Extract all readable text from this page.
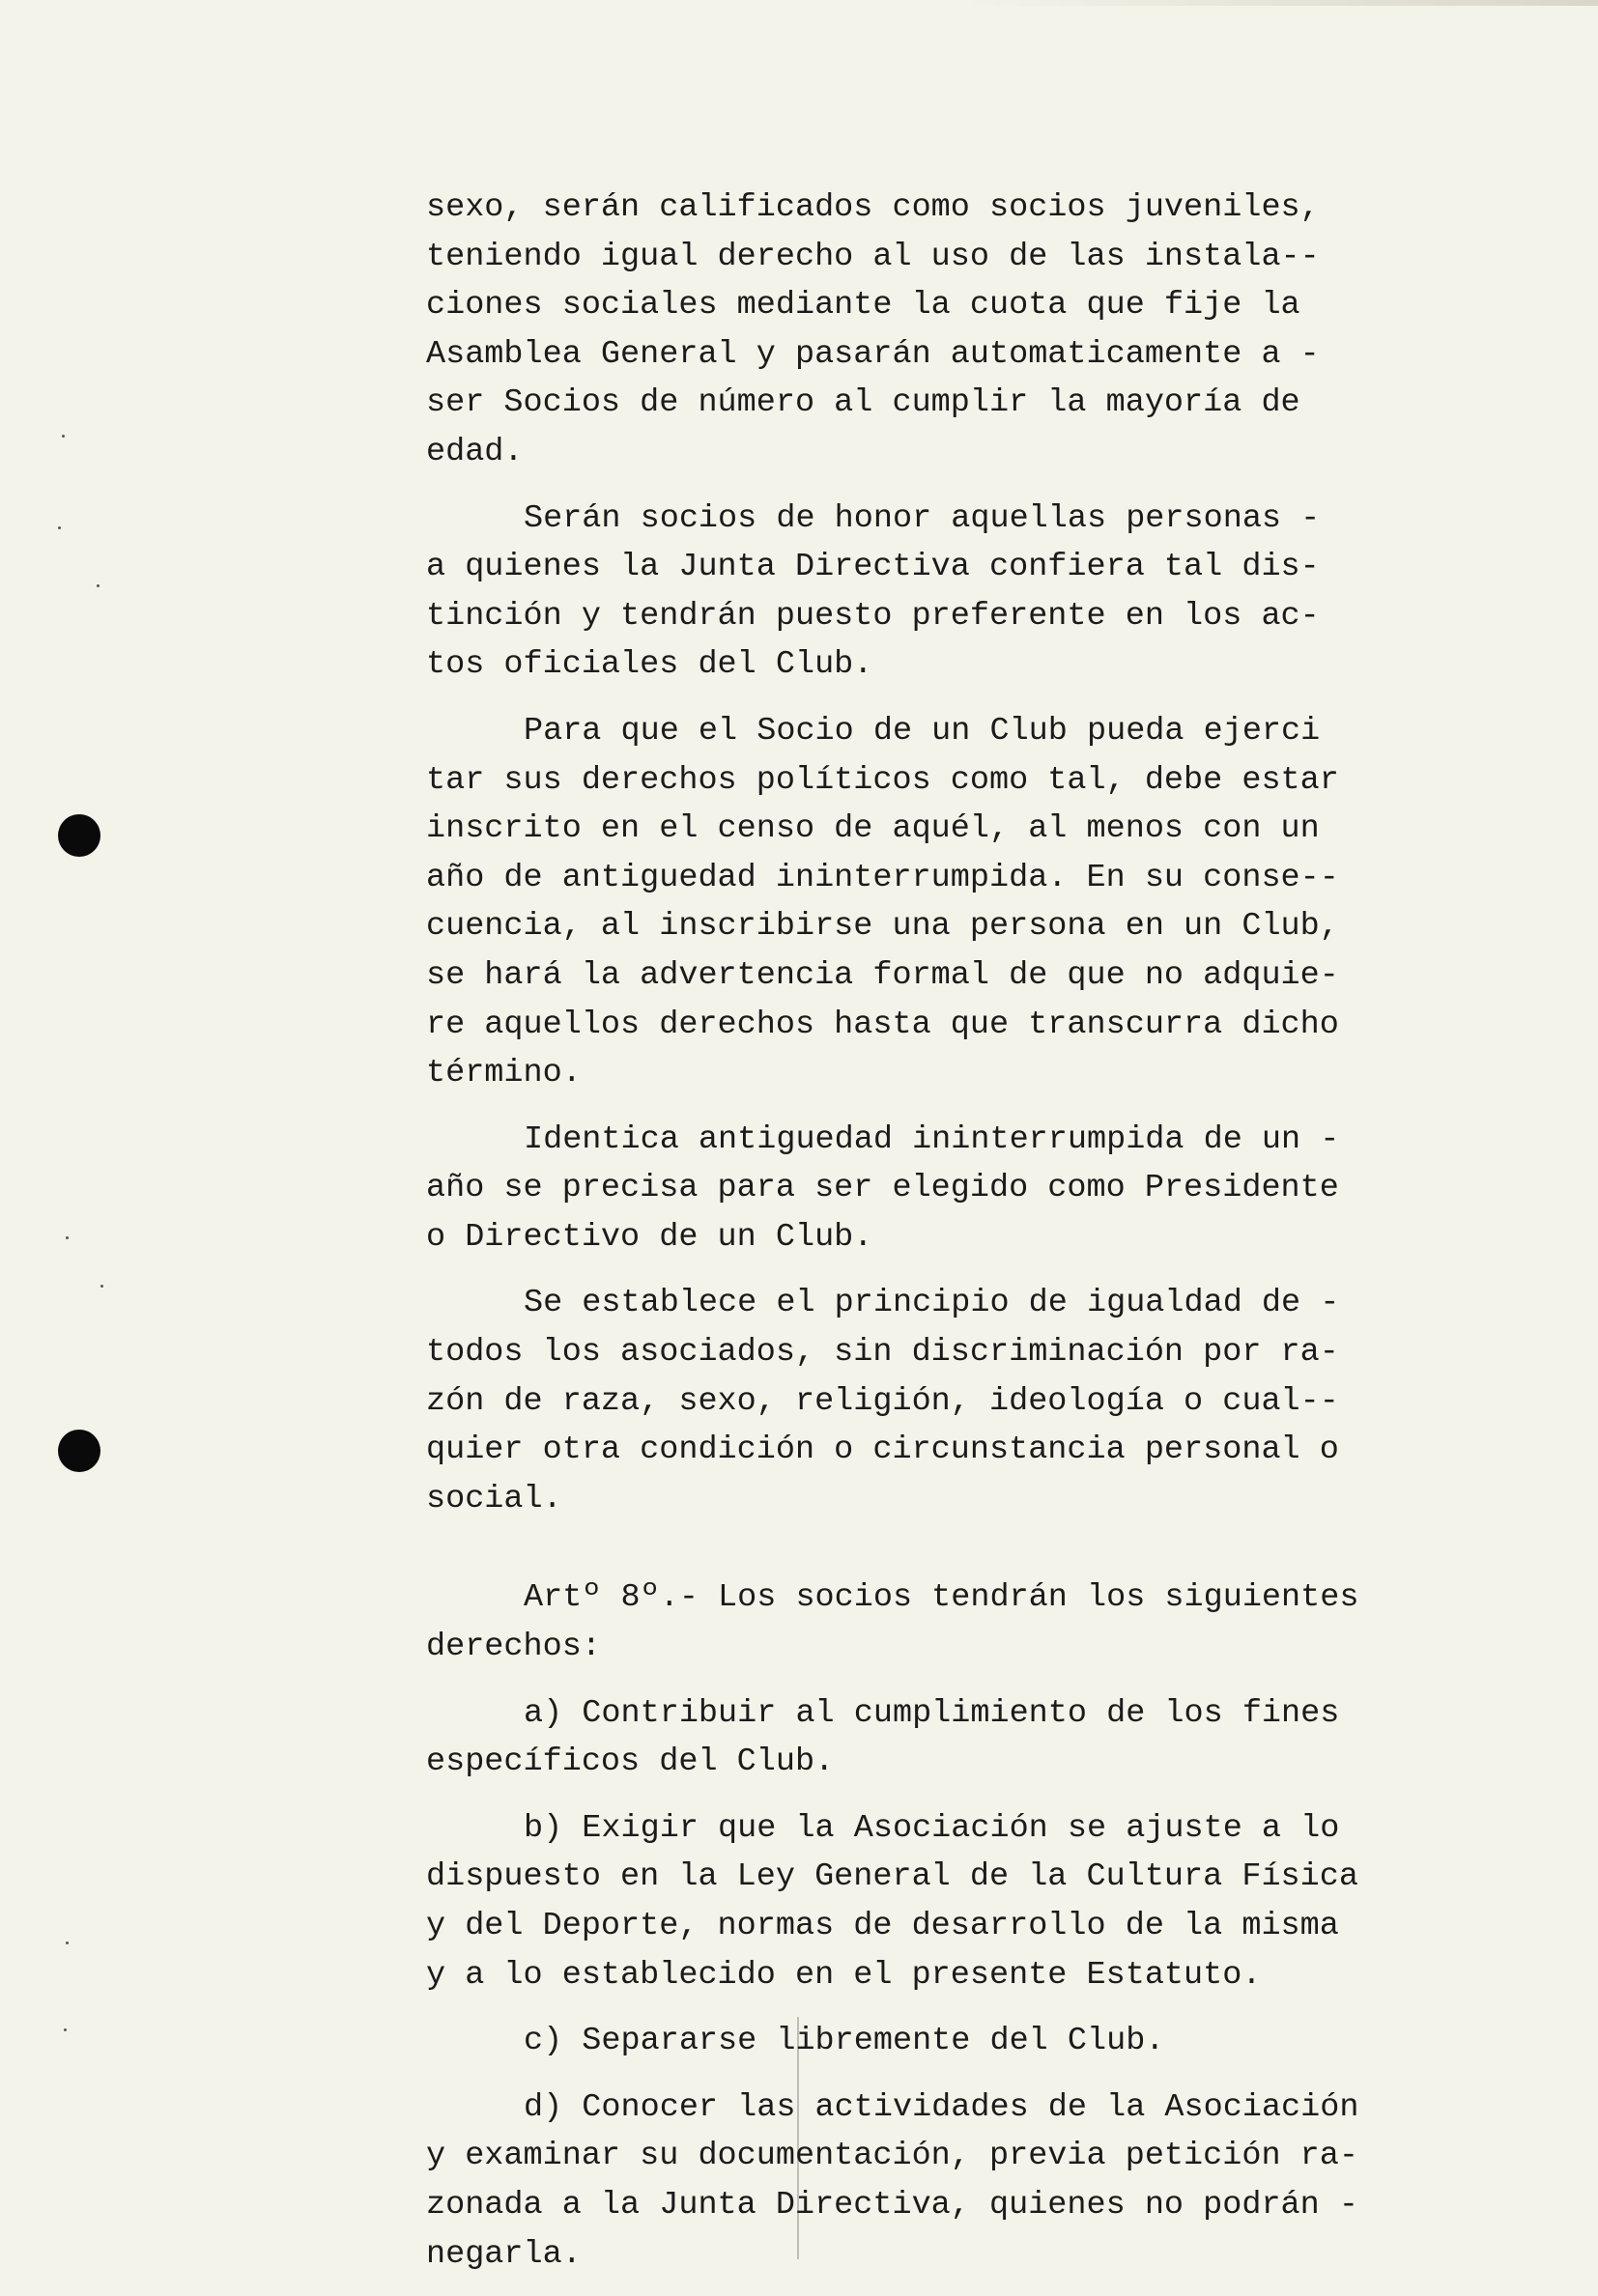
sexo, serán calificados como socios juveniles,
teniendo igual derecho al uso de las instala--
ciones sociales mediante la cuota que fije la
Asamblea General y pasarán automaticamente a -
ser Socios de número al cumplir la mayoría de
edad.
Serán socios de honor aquellas personas -
a quienes la Junta Directiva confiera tal dis-
tinción y tendrán puesto preferente en los ac-
tos oficiales del Club.
Para que el Socio de un Club pueda ejerci
tar sus derechos políticos como tal, debe estar
inscrito en el censo de aquél, al menos con un
año de antiguedad ininterrumpida. En su conse--
cuencia, al inscribirse una persona en un Club,
se hará la advertencia formal de que no adquie-
re aquellos derechos hasta que transcurra dicho
término.
Identica antiguedad ininterrumpida de un -
año se precisa para ser elegido como Presidente
o Directivo de un Club.
Se establece el principio de igualdad de -
todos los asociados, sin discriminación por ra-
zón de raza, sexo, religión, ideología o cual--
quier otra condición o circunstancia personal o
social.
Artº 8º.- Los socios tendrán los siguientes
derechos:
a) Contribuir al cumplimiento de los fines
específicos del Club.
b) Exigir que la Asociación se ajuste a lo
dispuesto en la Ley General de la Cultura Física
y del Deporte, normas de desarrollo de la misma
y a lo establecido en el presente Estatuto.
c) Separarse libremente del Club.
d) Conocer las actividades de la Asociación
y examinar su documentación, previa petición ra-
zonada a la Junta Directiva, quienes no podrán -
negarla.
